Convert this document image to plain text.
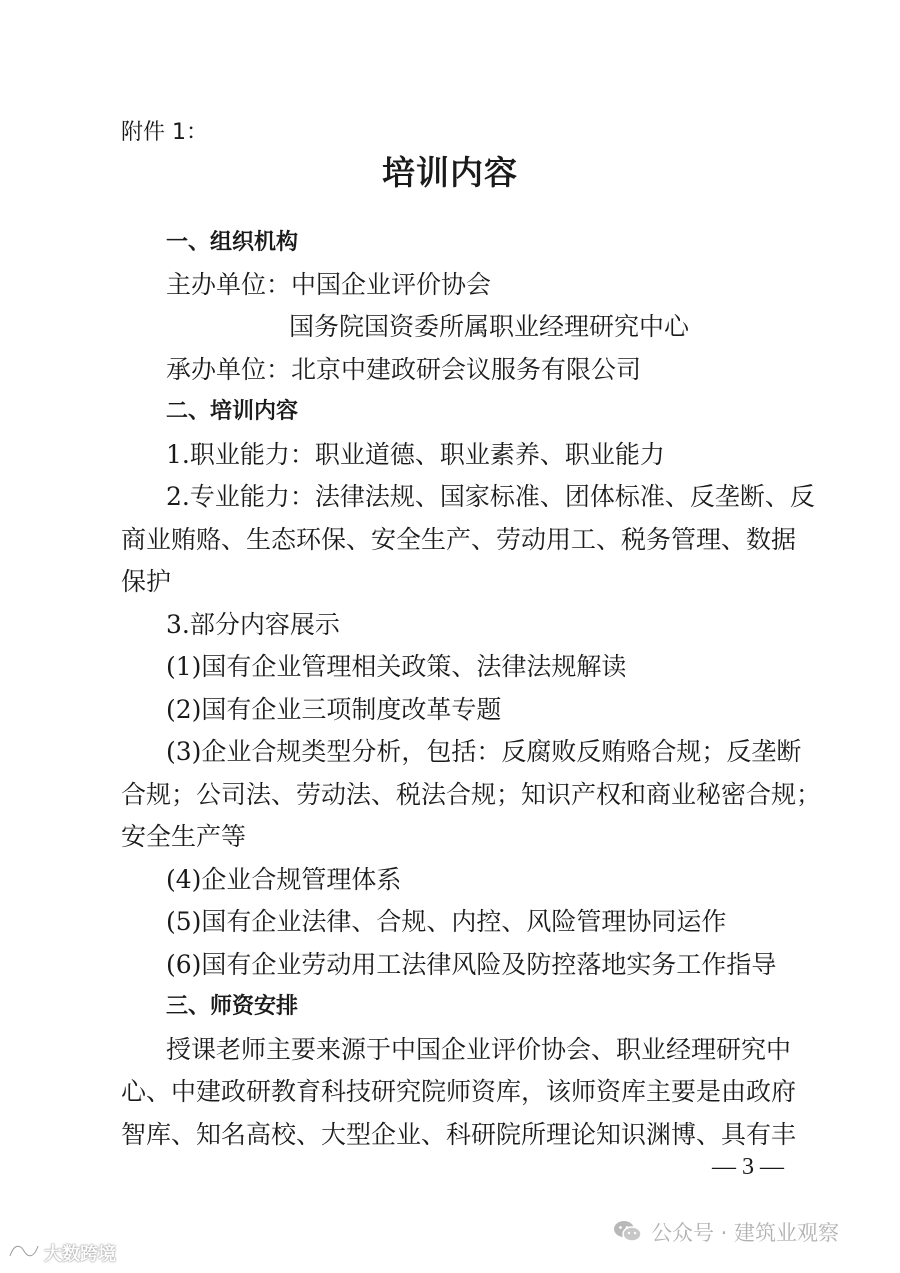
附件 1：
培训内容
一、组织机构
主办单位：中国企业评价协会
国务院国资委所属职业经理研究中心
承办单位：北京中建政研会议服务有限公司
二、培训内容
1.职业能力：职业道德、职业素养、职业能力
2.专业能力：法律法规、国家标准、团体标准、反垄断、反
商业贿赂、生态环保、安全生产、劳动用工、税务管理、数据
保护
3.部分内容展示
(1)国有企业管理相关政策、法律法规解读
(2)国有企业三项制度改革专题
(3)企业合规类型分析，包括：反腐败反贿赂合规；反垄断
合规；公司法、劳动法、税法合规；知识产权和商业秘密合规；
安全生产等
(4)企业合规管理体系
(5)国有企业法律、合规、内控、风险管理协同运作
(6)国有企业劳动用工法律风险及防控落地实务工作指导
三、师资安排
授课老师主要来源于中国企业评价协会、职业经理研究中
心、中建政研教育科技研究院师资库，该师资库主要是由政府
智库、知名高校、大型企业、科研院所理论知识渊博、具有丰
— 3 —
公众号 · 建筑业观察
大数跨境
